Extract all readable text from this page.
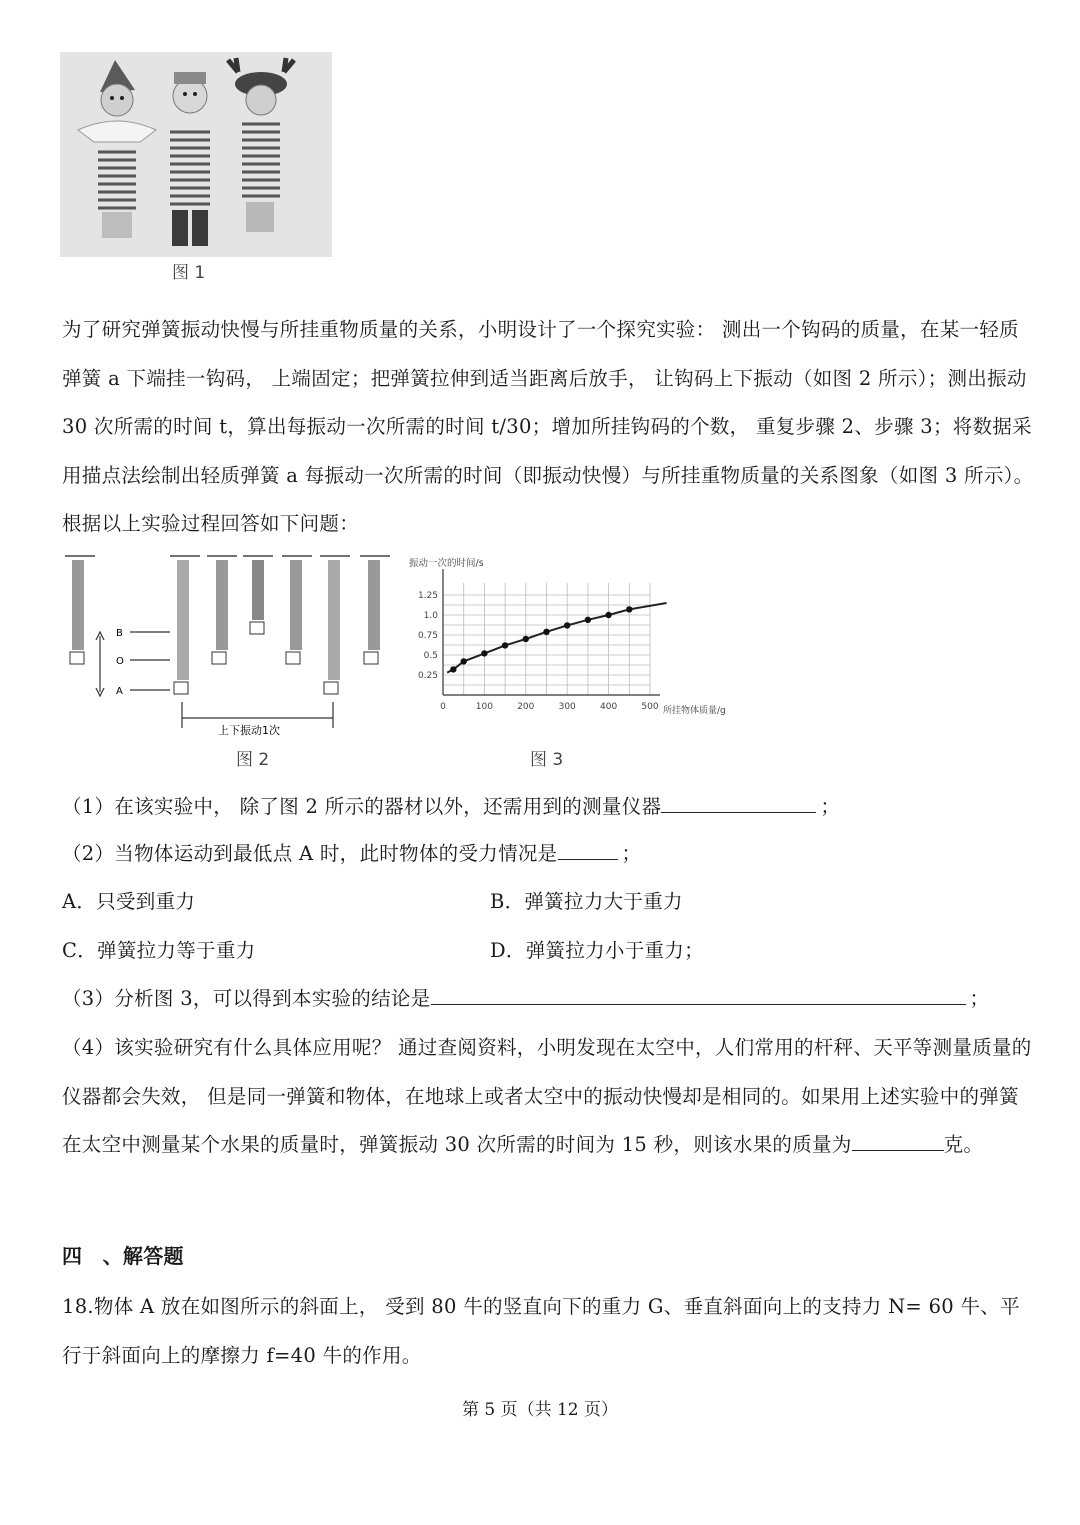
图 1
为了研究弹簧振动快慢与所挂重物质量的关系，小明设计了一个探究实验： 测出一个钩码的质量，在某一轻质弹簧 a 下端挂一钩码， 上端固定；把弹簧拉伸到适当距离后放手， 让钩码上下振动（如图 2 所示）；测出振动 30 次所需的时间 t，算出每振动一次所需的时间 t/30；增加所挂钩码的个数， 重复步骤 2、步骤 3；将数据采用描点法绘制出轻质弹簧 a 每振动一次所需的时间（即振动快慢）与所挂重物质量的关系图象（如图 3 所示）。根据以上实验过程回答如下问题：
B
O
A
上下振动1次
图 2
振动一次的时间/s
所挂物体质量/g
0	100	200	300	400	500
0.25
0.5
0.75
1.0
1.25
图 3
（1）在该实验中， 除了图 2 所示的器材以外，还需用到的测量仪器	；
（2）当物体运动到最低点 A 时，此时物体的受力情况是	；
A．只受到重力	B．弹簧拉力大于重力
C．弹簧拉力等于重力	D．弹簧拉力小于重力；
（3）分析图 3，可以得到本实验的结论是	；
（4）该实验研究有什么具体应用呢？ 通过查阅资料，小明发现在太空中，人们常用的杆秤、天平等测量质量的仪器都会失效， 但是同一弹簧和物体，在地球上或者太空中的振动快慢却是相同的。如果用上述实验中的弹簧在太空中测量某个水果的质量时，弹簧振动 30 次所需的时间为 15 秒，则该水果的质量为	克。
四　、解答题
18.物体 A 放在如图所示的斜面上， 受到 80 牛的竖直向下的重力 G、垂直斜面向上的支持力 N= 60 牛、平行于斜面向上的摩擦力 f=40 牛的作用。
第 5 页（共 12 页）
